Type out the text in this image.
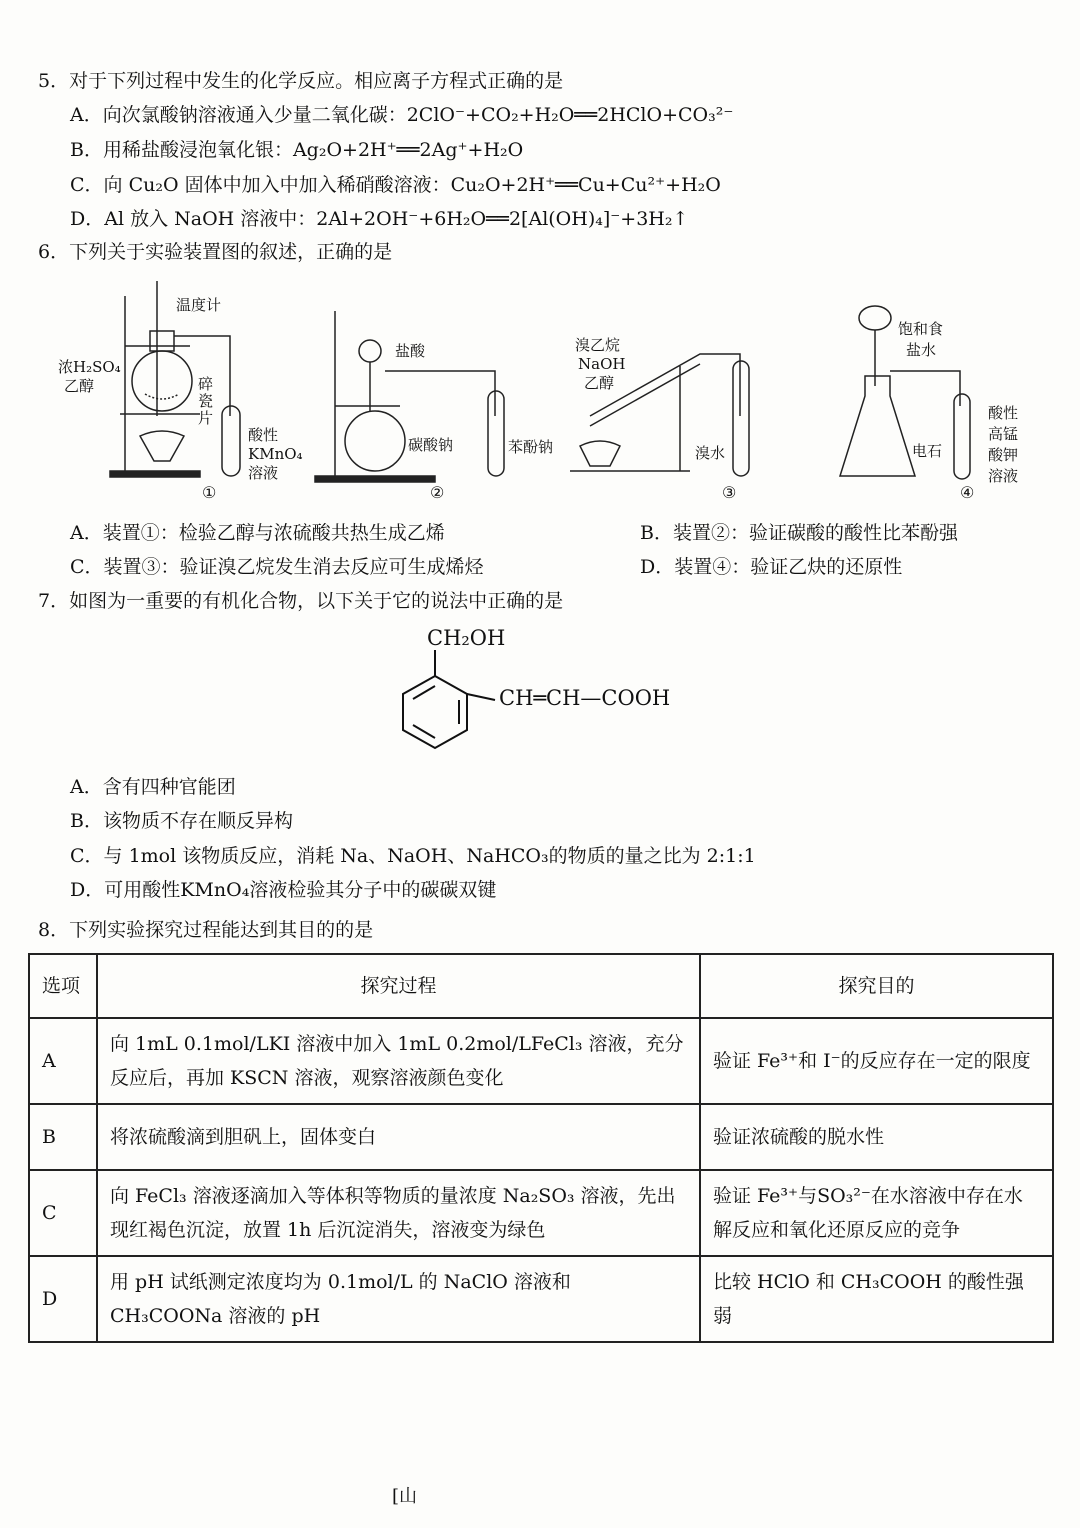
5．对于下列过程中发生的化学反应。相应离子方程式正确的是
A．向次氯酸钠溶液通入少量二氧化碳：2ClO⁻+CO₂+H₂O══2HClO+CO₃²⁻
B．用稀盐酸浸泡氧化银：Ag₂O+2H⁺══2Ag⁺+H₂O
C．向 Cu₂O 固体中加入中加入稀硝酸溶液：Cu₂O+2H⁺══Cu+Cu²⁺+H₂O
D．Al 放入 NaOH 溶液中：2Al+2OH⁻+6H₂O══2[Al(OH)₄]⁻+3H₂↑
6．下列关于实验装置图的叙述，正确的是
温度计
浓H₂SO₄
乙醇	碎
瓷
片
酸性
KMnO₄
溶液
①
盐酸
碳酸钠	苯酚钠
②
溴乙烷
NaOH
乙醇
溴水
③
饱和食
盐水
电石
酸性
高锰
酸钾
溶液
④
A．装置①：检验乙醇与浓硫酸共热生成乙烯	B．装置②：验证碳酸的酸性比苯酚强
C．装置③：验证溴乙烷发生消去反应可生成烯烃	D．装置④：验证乙炔的还原性
7．如图为一重要的有机化合物，以下关于它的说法中正确的是
CH₂OH
CH═CH—COOH
A．含有四种官能团
B．该物质不存在顺反异构
C．与 1mol 该物质反应，消耗 Na、NaOH、NaHCO₃的物质的量之比为 2:1:1
D．可用酸性KMnO₄溶液检验其分子中的碳碳双键
8．下列实验探究过程能达到其目的的是
选项	探究过程	探究目的
A	向 1mL 0.1mol/LKI 溶液中加入 1mL 0.2mol/LFeCl₃ 溶液，充分反应后，再加 KSCN 溶液，观察溶液颜色变化	验证 Fe³⁺和 I⁻的反应存在一定的限度
B	将浓硫酸滴到胆矾上，固体变白	验证浓硫酸的脱水性
C	向 FeCl₃ 溶液逐滴加入等体积等物质的量浓度 Na₂SO₃ 溶液，先出现红褐色沉淀，放置 1h 后沉淀消失，溶液变为绿色	验证 Fe³⁺与SO₃²⁻在水溶液中存在水解反应和氧化还原反应的竞争
D	用 pH 试纸测定浓度均为 0.1mol/L 的 NaClO 溶液和 CH₃COONa 溶液的 pH	比较 HClO 和 CH₃COOH 的酸性强弱
[山
